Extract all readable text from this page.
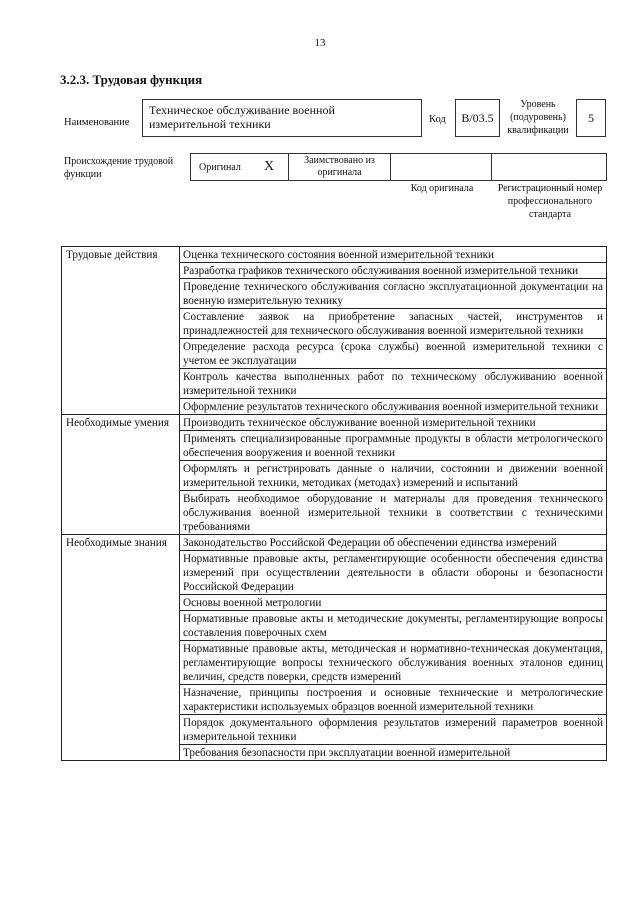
13
3.2.3. Трудовая функция
Наименование
Техническое обслуживание военной измерительной техники	Код	B/03.5
Уровень (подуровень) квалификации
5
Происхождение трудовой функции
Оригинал X	Заимствовано из оригинала
Код оригинала	Регистрационный номер профессионального стандарта
Трудовые действия	Оценка технического состояния военной измерительной техники
	Разработка графиков технического обслуживания военной измерительной техники
	Проведение технического обслуживания согласно эксплуатационной документации на военную измерительную технику
	Составление заявок на приобретение запасных частей, инструментов и принадлежностей для технического обслуживания военной измерительной техники
	Определение расхода ресурса (срока службы) военной измерительной техники с учетом ее эксплуатации
	Контроль качества выполненных работ по техническому обслуживанию военной измерительной техники
	Оформление результатов технического обслуживания военной измерительной техники
Необходимые умения	Производить техническое обслуживание военной измерительной техники
	Применять специализированные программные продукты в области метрологического обеспечения вооружения и военной техники
	Оформлять и регистрировать данные о наличии, состоянии и движении военной измерительной техники, методиках (методах) измерений и испытаний
	Выбирать необходимое оборудование и материалы для проведения технического обслуживания военной измерительной техники в соответствии с техническими требованиями
Необходимые знания	Законодательство Российской Федерации об обеспечении единства измерений
	Нормативные правовые акты, регламентирующие особенности обеспечения единства измерений при осуществлении деятельности в области обороны и безопасности Российской Федерации
	Основы военной метрологии
	Нормативные правовые акты и методические документы, регламентирующие вопросы составления поверочных схем
	Нормативные правовые акты, методическая и нормативно-техническая документация, регламентирующие вопросы технического обслуживания военных эталонов единиц величин, средств поверки, средств измерений
	Назначение, принципы построения и основные технические и метрологические характеристики используемых образцов военной измерительной техники
	Порядок документального оформления результатов измерений параметров военной измерительной техники
	Требования безопасности при эксплуатации военной измерительной
